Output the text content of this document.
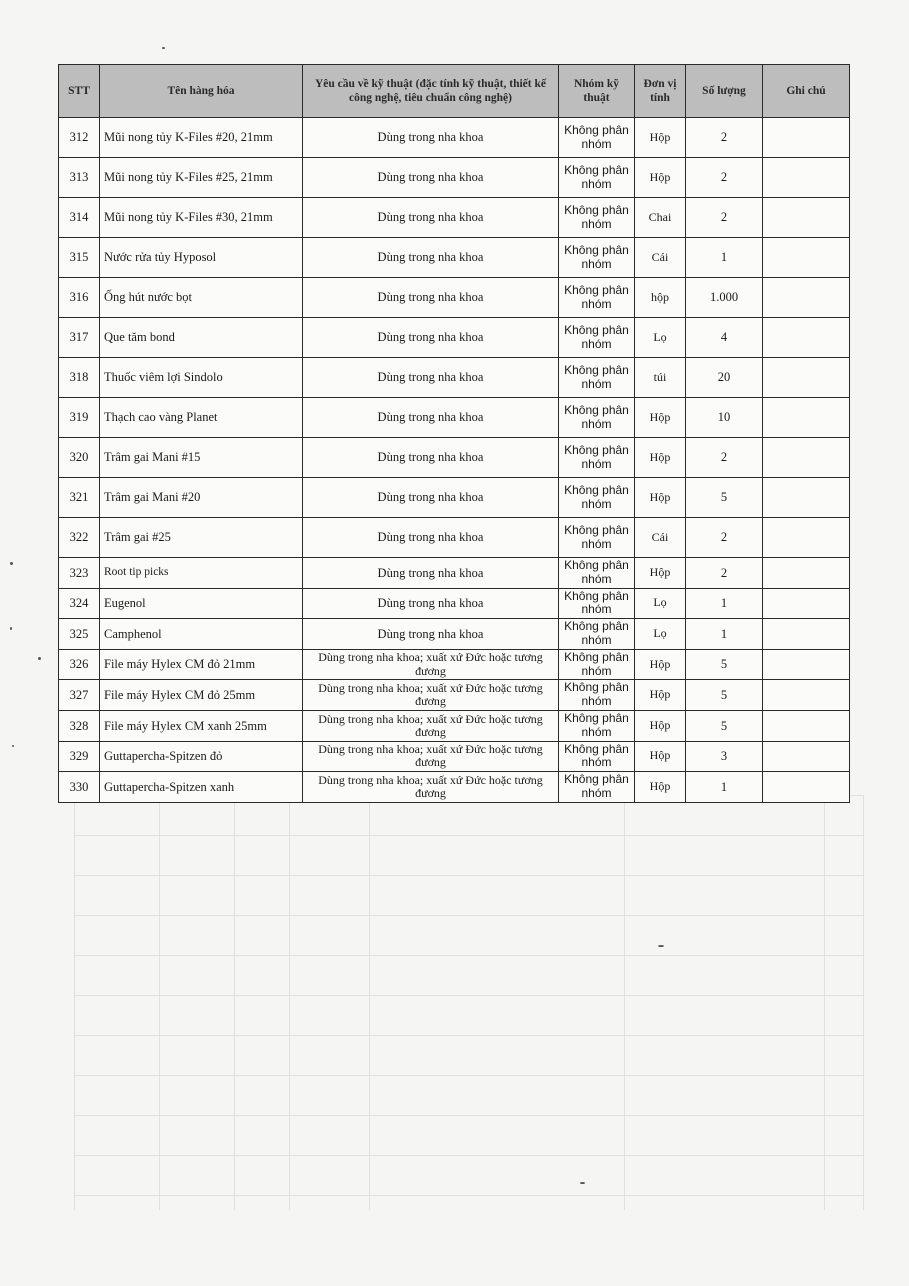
STT	Tên hàng hóa	Yêu cầu về kỹ thuật (đặc tính kỹ thuật, thiết kế công nghệ, tiêu chuẩn công nghệ)	Nhóm kỹ thuật	Đơn vị tính	Số lượng	Ghi chú
312	Mũi nong tủy K-Files #20, 21mm	Dùng trong nha khoa	Không phân nhóm	Hộp	2	
313	Mũi nong tủy K-Files #25, 21mm	Dùng trong nha khoa	Không phân nhóm	Hộp	2	
314	Mũi nong tủy K-Files #30, 21mm	Dùng trong nha khoa	Không phân nhóm	Chai	2	
315	Nước rửa tủy Hyposol	Dùng trong nha khoa	Không phân nhóm	Cái	1	
316	Ống hút nước bọt	Dùng trong nha khoa	Không phân nhóm	hộp	1.000	
317	Que tăm bond	Dùng trong nha khoa	Không phân nhóm	Lọ	4	
318	Thuốc viêm lợi Sindolo	Dùng trong nha khoa	Không phân nhóm	túi	20	
319	Thạch cao vàng Planet	Dùng trong nha khoa	Không phân nhóm	Hộp	10	
320	Trâm gai Mani #15	Dùng trong nha khoa	Không phân nhóm	Hộp	2	
321	Trâm gai Mani #20	Dùng trong nha khoa	Không phân nhóm	Hộp	5	
322	Trâm gai #25	Dùng trong nha khoa	Không phân nhóm	Cái	2	
323	Root tip picks	Dùng trong nha khoa	Không phân nhóm	Hộp	2	
324	Eugenol	Dùng trong nha khoa	Không phân nhóm	Lọ	1	
325	Camphenol	Dùng trong nha khoa	Không phân nhóm	Lọ	1	
326	File máy Hylex CM đỏ 21mm	Dùng trong nha khoa; xuất xứ Đức hoặc tương đương	Không phân nhóm	Hộp	5	
327	File máy Hylex CM đỏ 25mm	Dùng trong nha khoa; xuất xứ Đức hoặc tương đương	Không phân nhóm	Hộp	5	
328	File máy Hylex CM xanh 25mm	Dùng trong nha khoa; xuất xứ Đức hoặc tương đương	Không phân nhóm	Hộp	5	
329	Guttapercha-Spitzen đỏ	Dùng trong nha khoa; xuất xứ Đức hoặc tương đương	Không phân nhóm	Hộp	3	
330	Guttapercha-Spitzen xanh	Dùng trong nha khoa; xuất xứ Đức hoặc tương đương	Không phân nhóm	Hộp	1	
